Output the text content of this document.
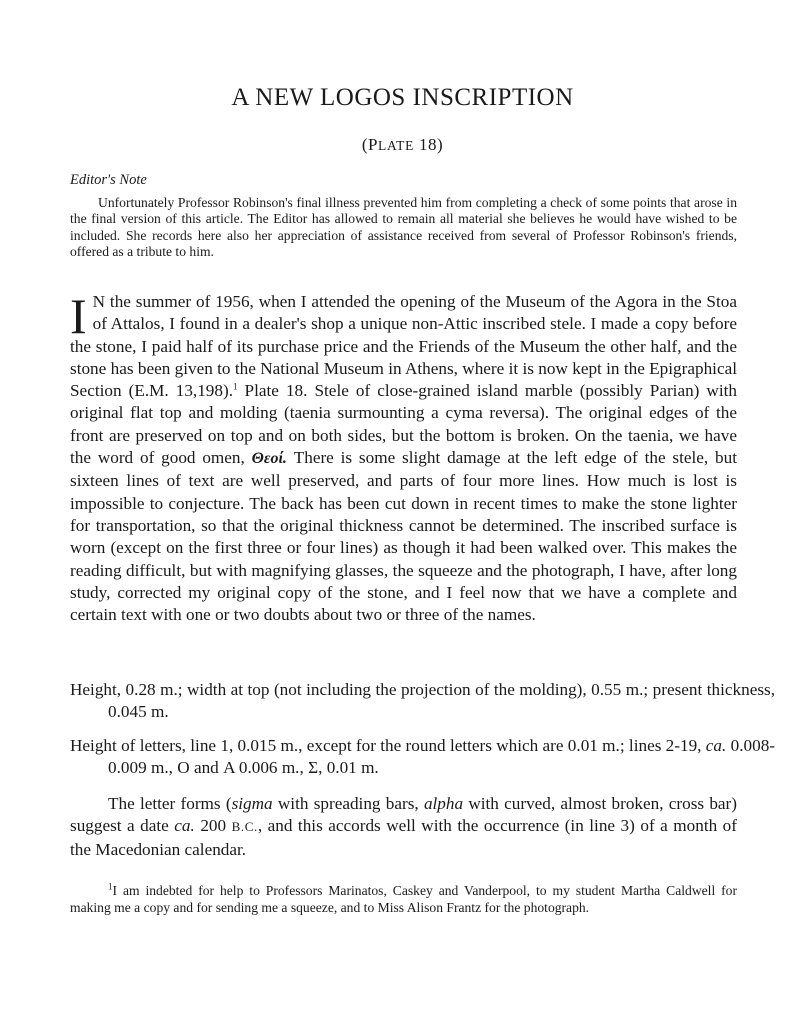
A NEW LOGOS INSCRIPTION
(PLATE 18)
Editor's Note

Unfortunately Professor Robinson's final illness prevented him from completing a check of some points that arose in the final version of this article. The Editor has allowed to remain all material she believes he would have wished to be included. She records here also her appreciation of assistance received from several of Professor Robinson's friends, offered as a tribute to him.

I N the summer of 1956, when I attended the opening of the Museum of the Agora in the Stoa of Attalos, I found in a dealer's shop a unique non-Attic inscribed stele. I made a copy before the stone, I paid half of its purchase price and the Friends of the Museum the other half, and the stone has been given to the National Museum in Athens, where it is now kept in the Epigraphical Section (E.M. 13,198).$^1$ Plate 18. Stele of close-grained island marble (possibly Parian) with original flat top and molding (taenia surmounting a cyma reversa). The original edges of the front are preserved on top and on both sides, but the bottom is broken. On the taenia, we have the word of good omen, Θεοί. There is some slight damage at the left edge of the stele, but sixteen lines of text are well preserved, and parts of four more lines. How much is lost is impossible to conjecture. The back has been cut down in recent times to make the stone lighter for transportation, so that the original thickness cannot be determined. The inscribed surface is worn (except on the first three or four lines) as though it had been walked over. This makes the reading difficult, but with magnifying glasses, the squeeze and the photograph, I have, after long study, corrected my original copy of the stone, and I feel now that we have a complete and certain text with one or two doubts about two or three of the names.

Height, 0.28 m.; width at top (not including the projection of the molding), 0.55 m.; present thickness, 0.045 m.

Height of letters, line 1, 0.015 m., except for the round letters which are 0.01 m.; lines 2-19, ca. 0.008-0.009 m., Ο and Α 0.006 m., Σ, 0.01 m.

The letter forms (sigma with spreading bars, alpha with curved, almost broken, cross bar) suggest a date ca. 200 B.C., and this accords well with the occurrence (in line 3) of a month of the Macedonian calendar.

$^1$I am indebted for help to Professors Marinatos, Caskey and Vanderpool, to my student Martha Caldwell for making me a copy and for sending me a squeeze, and to Miss Alison Frantz for the photograph.
